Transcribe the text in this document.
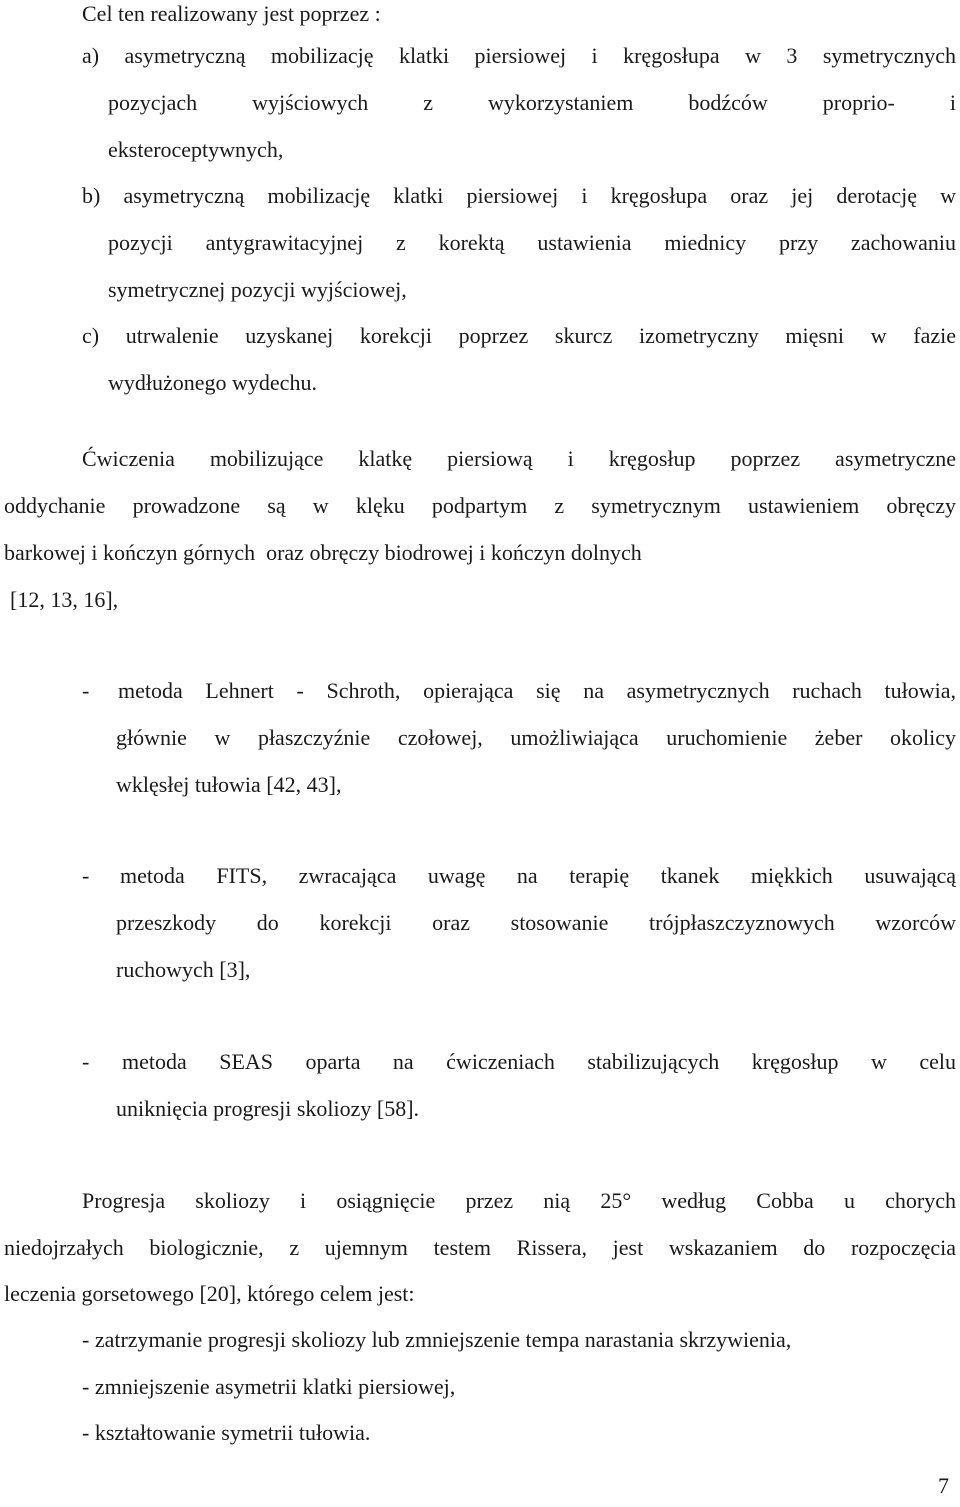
Cel ten realizowany jest poprzez :
a) asymetryczną mobilizację klatki piersiowej i kręgosłupa w 3 symetrycznych
pozycjach wyjściowych z wykorzystaniem bodźców proprio- i
eksteroceptywnych,
b) asymetryczną mobilizację klatki piersiowej i kręgosłupa oraz jej derotację w
pozycji antygrawitacyjnej z korektą ustawienia miednicy przy zachowaniu
symetrycznej pozycji wyjściowej,
c) utrwalenie uzyskanej korekcji poprzez skurcz izometryczny mięsni w fazie
wydłużonego wydechu.
Ćwiczenia mobilizujące klatkę piersiową i kręgosłup poprzez asymetryczne
oddychanie prowadzone są w klęku podpartym z symetrycznym ustawieniem obręczy
barkowej i kończyn górnych  oraz obręczy biodrowej i kończyn dolnych
[12, 13, 16],
- metoda Lehnert - Schroth, opierająca się na asymetrycznych ruchach tułowia,
głównie w płaszczyźnie czołowej, umożliwiająca uruchomienie żeber okolicy
wklęsłej tułowia [42, 43],
- metoda FITS, zwracająca uwagę na terapię tkanek miękkich usuwającą
przeszkody do korekcji oraz stosowanie trójpłaszczyznowych wzorców
ruchowych [3],
- metoda SEAS oparta na ćwiczeniach stabilizujących kręgosłup w celu
uniknięcia progresji skoliozy [58].
Progresja skoliozy i osiągnięcie przez nią 25° według Cobba u chorych
niedojrzałych biologicznie, z ujemnym testem Rissera, jest wskazaniem do rozpoczęcia
leczenia gorsetowego [20], którego celem jest:
- zatrzymanie progresji skoliozy lub zmniejszenie tempa narastania skrzywienia,
- zmniejszenie asymetrii klatki piersiowej,
- kształtowanie symetrii tułowia.
7
